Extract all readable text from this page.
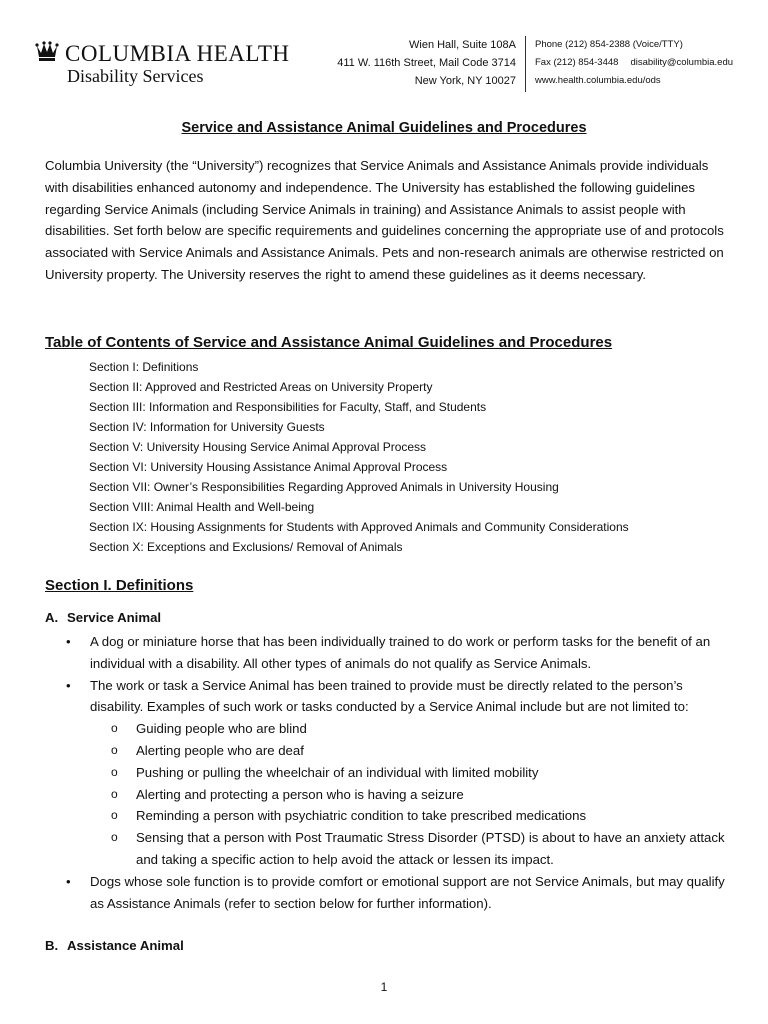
COLUMBIA HEALTH
Disability Services
Wien Hall, Suite 108A
411 W. 116th Street, Mail Code 3714
New York, NY 10027
Phone (212) 854-2388 (Voice/TTY)
Fax (212) 854-3448 disability@columbia.edu
www.health.columbia.edu/ods
Service and Assistance Animal Guidelines and Procedures
Columbia University (the “University”) recognizes that Service Animals and Assistance Animals provide individuals with disabilities enhanced autonomy and independence. The University has established the following guidelines regarding Service Animals (including Service Animals in training) and Assistance Animals to assist people with disabilities. Set forth below are specific requirements and guidelines concerning the appropriate use of and protocols associated with Service Animals and Assistance Animals. Pets and non-research animals are otherwise restricted on University property. The University reserves the right to amend these guidelines as it deems necessary.
Table of Contents of Service and Assistance Animal Guidelines and Procedures
Section I: Definitions
Section II: Approved and Restricted Areas on University Property
Section III: Information and Responsibilities for Faculty, Staff, and Students
Section IV: Information for University Guests
Section V: University Housing Service Animal Approval Process
Section VI: University Housing Assistance Animal Approval Process
Section VII: Owner’s Responsibilities Regarding Approved Animals in University Housing
Section VIII: Animal Health and Well-being
Section IX: Housing Assignments for Students with Approved Animals and Community Considerations
Section X: Exceptions and Exclusions/ Removal of Animals
Section I. Definitions
A. Service Animal
• A dog or miniature horse that has been individually trained to do work or perform tasks for the benefit of an individual with a disability. All other types of animals do not qualify as Service Animals.
• The work or task a Service Animal has been trained to provide must be directly related to the person’s disability. Examples of such work or tasks conducted by a Service Animal include but are not limited to:
o Guiding people who are blind
o Alerting people who are deaf
o Pushing or pulling the wheelchair of an individual with limited mobility
o Alerting and protecting a person who is having a seizure
o Reminding a person with psychiatric condition to take prescribed medications
o Sensing that a person with Post Traumatic Stress Disorder (PTSD) is about to have an anxiety attack and taking a specific action to help avoid the attack or lessen its impact.
• Dogs whose sole function is to provide comfort or emotional support are not Service Animals, but may qualify as Assistance Animals (refer to section below for further information).
B. Assistance Animal
1
